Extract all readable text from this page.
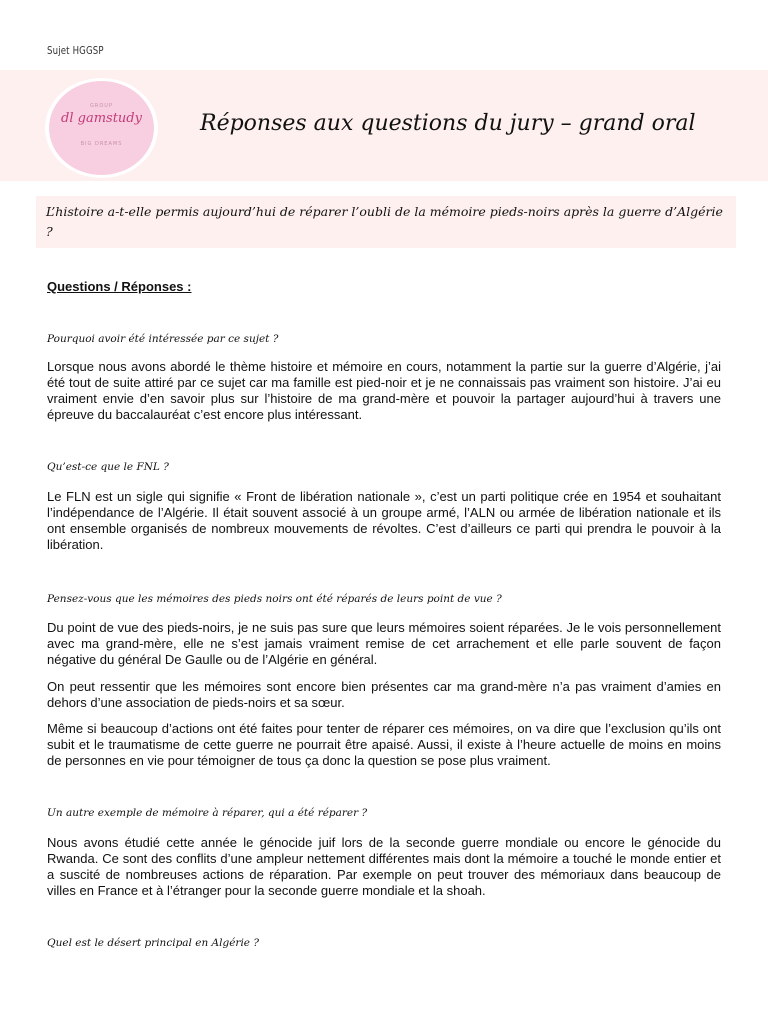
Sujet HGGSP
GROUP
dl gamstudy
BIG DREAMS
Réponses aux questions du jury – grand oral

L’histoire a-t-elle permis aujourd’hui de réparer l’oubli de la mémoire pieds-noirs après la guerre d’Algérie ?

Questions / Réponses :
Pourquoi avoir été intéressée par ce sujet ?

Lorsque nous avons abordé le thème histoire et mémoire en cours, notamment la partie sur la guerre d’Algérie, j’ai été tout de suite attiré par ce sujet car ma famille est pied-noir et je ne connaissais pas vraiment son histoire. J’ai eu vraiment envie d’en savoir plus sur l’histoire de ma grand-mère et pouvoir la partager aujourd’hui à travers une épreuve du baccalauréat c’est encore plus intéressant.

Qu’est-ce que le FNL ?

Le FLN est un sigle qui signifie « Front de libération nationale », c’est un parti politique crée en 1954 et souhaitant l’indépendance de l’Algérie. Il était souvent associé à un groupe armé, l’ALN ou armée de libération nationale et ils ont ensemble organisés de nombreux mouvements de révoltes. C’est d’ailleurs ce parti qui prendra le pouvoir à la libération.

Pensez-vous que les mémoires des pieds noirs ont été réparés de leurs point de vue ?

Du point de vue des pieds-noirs, je ne suis pas sure que leurs mémoires soient réparées. Je le vois personnellement avec ma grand-mère, elle ne s’est jamais vraiment remise de cet arrachement et elle parle souvent de façon négative du général De Gaulle ou de l’Algérie en général.

On peut ressentir que les mémoires sont encore bien présentes car ma grand-mère n’a pas vraiment d’amies en dehors d’une association de pieds-noirs et sa sœur.

Même si beaucoup d’actions ont été faites pour tenter de réparer ces mémoires, on va dire que l’exclusion qu’ils ont subit et le traumatisme de cette guerre ne pourrait être apaisé. Aussi, il existe à l’heure actuelle de moins en moins de personnes en vie pour témoigner de tous ça donc la question se pose plus vraiment.

Un autre exemple de mémoire à réparer, qui a été réparer ?

Nous avons étudié cette année le génocide juif lors de la seconde guerre mondiale ou encore le génocide du Rwanda. Ce sont des conflits d’une ampleur nettement différentes mais dont la mémoire a touché le monde entier et a suscité de nombreuses actions de réparation. Par exemple on peut trouver des mémoriaux dans beaucoup de villes en France et à l’étranger pour la seconde guerre mondiale et la shoah.

Quel est le désert principal en Algérie ?
